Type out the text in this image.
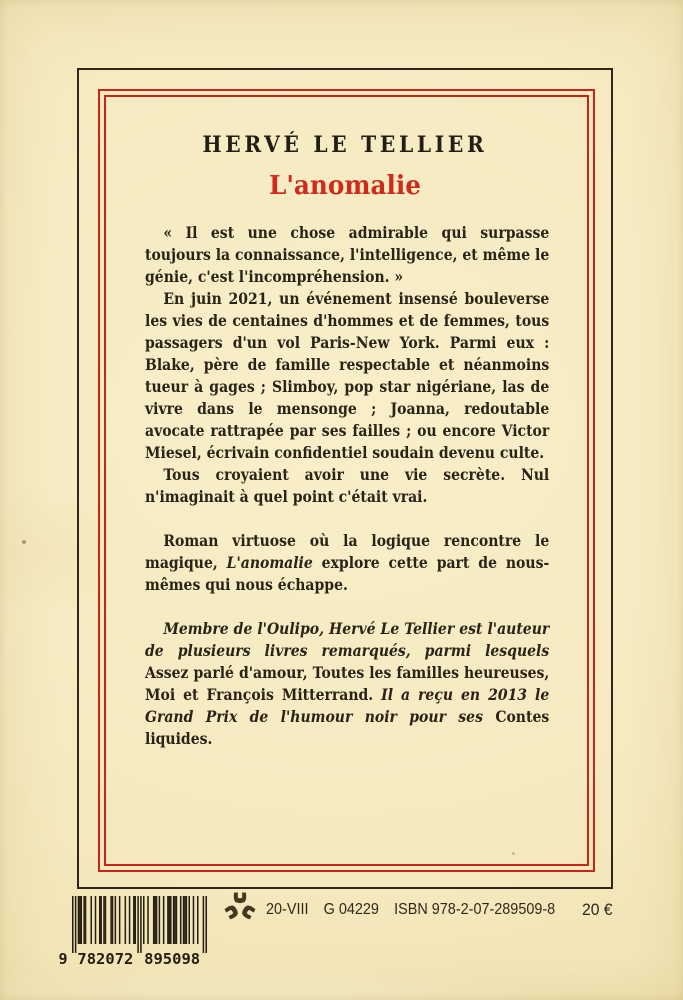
HERVÉ LE TELLIER
L'anomalie

« Il est une chose admirable qui surpasse toujours la connaissance, l'intelligence, et même le génie, c'est l'incompréhension. »

En juin 2021, un événement insensé bouleverse les vies de centaines d'hommes et de femmes, tous passagers d'un vol Paris-New York. Parmi eux : Blake, père de famille respectable et néanmoins tueur à gages ; Slimboy, pop star nigériane, las de vivre dans le mensonge ; Joanna, redoutable avocate rattrapée par ses failles ; ou encore Victor Miesel, écrivain confidentiel soudain devenu culte.

Tous croyaient avoir une vie secrète. Nul n'imaginait à quel point c'était vrai.

Roman virtuose où la logique rencontre le magique, L'anomalie explore cette part de nous-mêmes qui nous échappe.

Membre de l'Oulipo, Hervé Le Tellier est l'auteur de plusieurs livres remarqués, parmi lesquels Assez parlé d'amour, Toutes les familles heureuses, Moi et François Mitterrand. Il a reçu en 2013 le Grand Prix de l'humour noir pour ses Contes liquides.

9 782072 895098
20-VIII G 04229 ISBN 978-2-07-289509-8 20 €
